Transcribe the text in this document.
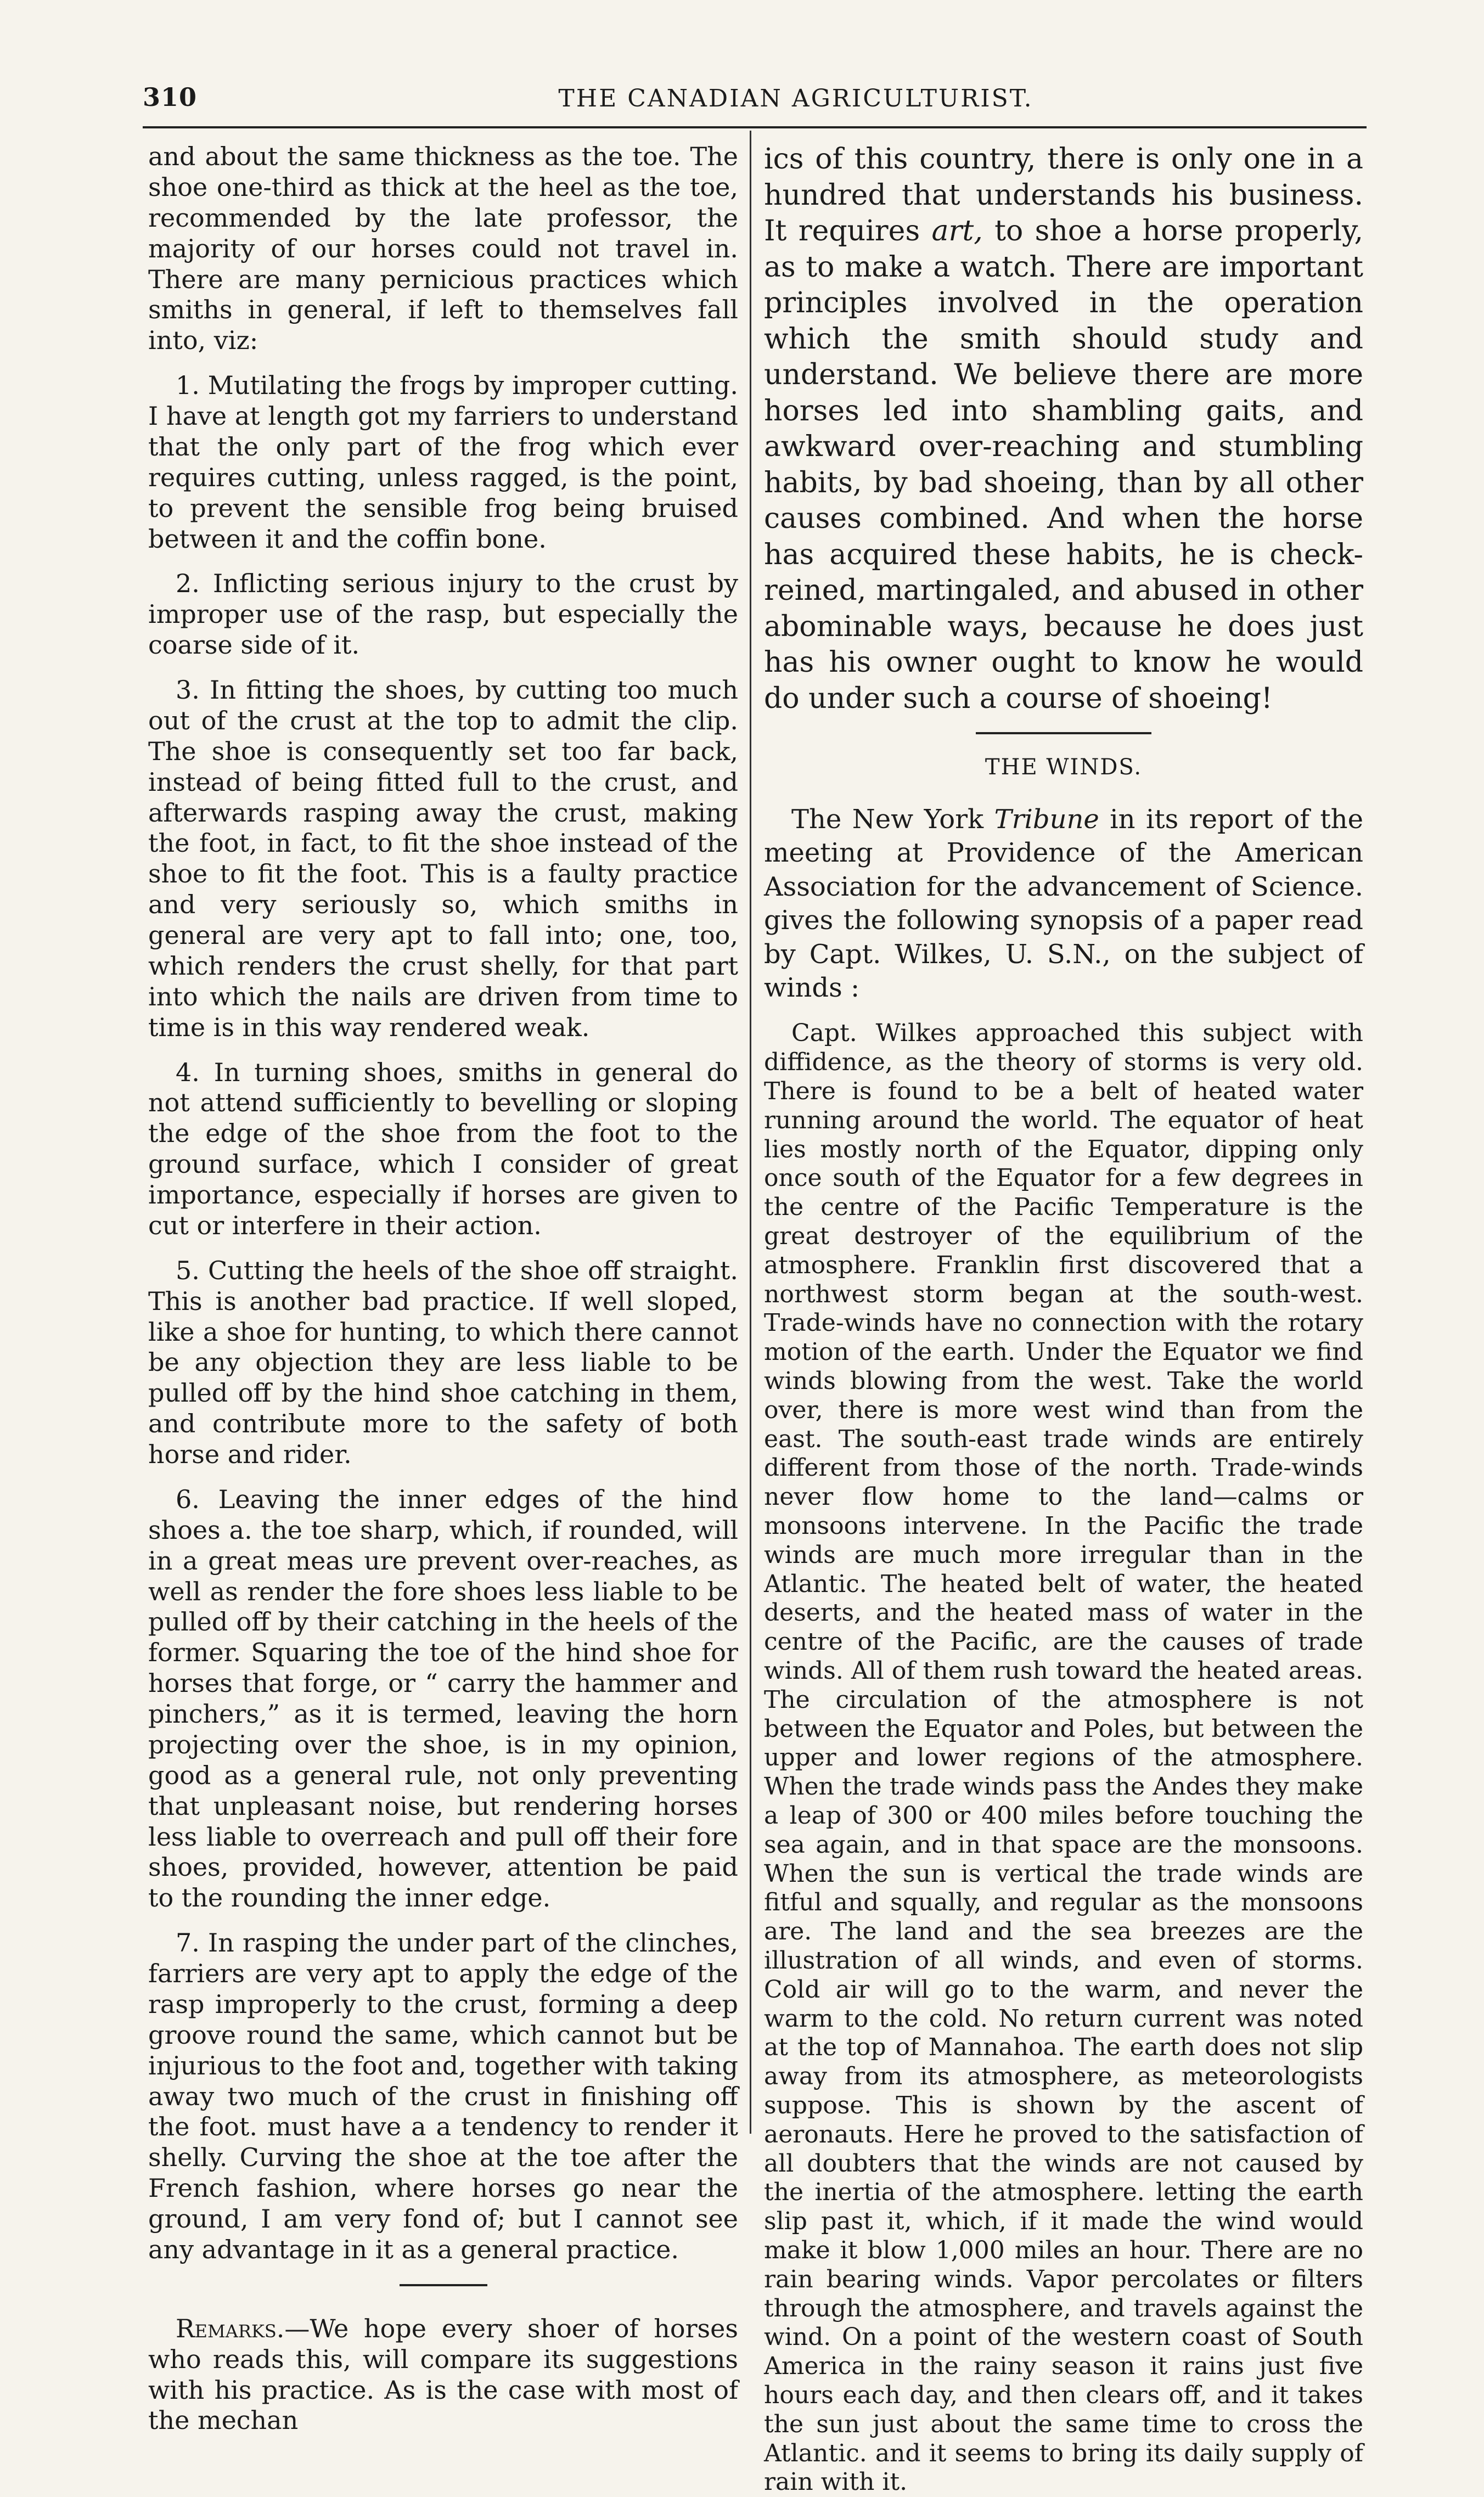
310	THE CANADIAN AGRICULTURIST.

and about the same thickness as the toe. The shoe one-third as thick at the heel as the toe, recommended by the late professor, the majority of our horses could not travel in. There are many pernicious practices which smiths in general, if left to themselves fall into, viz:

1. Mutilating the frogs by improper cutting. I have at length got my farriers to understand that the only part of the frog which ever requires cutting, unless ragged, is the point, to prevent the sensible frog being bruised between it and the coffin bone.

2. Inflicting serious injury to the crust by improper use of the rasp, but especially the coarse side of it.

3. In fitting the shoes, by cutting too much out of the crust at the top to admit the clip. The shoe is consequently set too far back, instead of being fitted full to the crust, and afterwards rasping away the crust, making the foot, in fact, to fit the shoe instead of the shoe to fit the foot. This is a faulty practice and very seriously so, which smiths in general are very apt to fall into; one, too, which renders the crust shelly, for that part into which the nails are driven from time to time is in this way rendered weak.

4. In turning shoes, smiths in general do not attend sufficiently to bevelling or sloping the edge of the shoe from the foot to the ground surface, which I consider of great importance, especially if horses are given to cut or interfere in their action.

5. Cutting the heels of the shoe off straight. This is another bad practice. If well sloped, like a shoe for hunting, to which there cannot be any objection they are less liable to be pulled off by the hind shoe catching in them, and contribute more to the safety of both horse and rider.

6. Leaving the inner edges of the hind shoes a. the toe sharp, which, if rounded, will in a great meas ure prevent over-reaches, as well as render the fore shoes less liable to be pulled off by their catching in the heels of the former. Squaring the toe of the hind shoe for horses that forge, or “ carry the hammer and pinchers,” as it is termed, leaving the horn projecting over the shoe, is in my opinion, good as a general rule, not only preventing that unpleasant noise, but rendering horses less liable to overreach and pull off their fore shoes, provided, however, attention be paid to the rounding the inner edge.

7. In rasping the under part of the clinches, farriers are very apt to apply the edge of the rasp improperly to the crust, forming a deep groove round the same, which cannot but be injurious to the foot and, together with taking away two much of the crust in finishing off the foot. must have a a tendency to render it shelly. Curving the shoe at the toe after the French fashion, where horses go near the ground, I am very fond of; but I cannot see any advantage in it as a general practice.

Remarks.—We hope every shoer of horses who reads this, will compare its suggestions with his practice. As is the case with most of the mechan

ics of this country, there is only one in a hundred that understands his business. It requires art, to shoe a horse properly, as to make a watch. There are important principles involved in the operation which the smith should study and understand. We believe there are more horses led into shambling gaits, and awkward over-reaching and stumbling habits, by bad shoeing, than by all other causes combined. And when the horse has acquired these habits, he is check-reined, martingaled, and abused in other abominable ways, because he does just has his owner ought to know he would do under such a course of shoeing!

THE WINDS.

The New York Tribune in its report of the meeting at Providence of the American Association for the advancement of Science. gives the following synopsis of a paper read by Capt. Wilkes, U. S.N., on the subject of winds :

Capt. Wilkes approached this subject with diffidence, as the theory of storms is very old. There is found to be a belt of heated water running around the world. The equator of heat lies mostly north of the Equator, dipping only once south of the Equator for a few degrees in the centre of the Pacific Temperature is the great destroyer of the equilibrium of the atmosphere. Franklin first discovered that a northwest storm began at the south-west. Trade-winds have no connection with the rotary motion of the earth. Under the Equator we find winds blowing from the west. Take the world over, there is more west wind than from the east. The south-east trade winds are entirely different from those of the north. Trade-winds never flow home to the land—calms or monsoons intervene. In the Pacific the trade winds are much more irregular than in the Atlantic. The heated belt of water, the heated deserts, and the heated mass of water in the centre of the Pacific, are the causes of trade winds. All of them rush toward the heated areas. The circulation of the atmosphere is not between the Equator and Poles, but between the upper and lower regions of the atmosphere. When the trade winds pass the Andes they make a leap of 300 or 400 miles before touching the sea again, and in that space are the monsoons. When the sun is vertical the trade winds are fitful and squally, and regular as the monsoons are. The land and the sea breezes are the illustration of all winds, and even of storms. Cold air will go to the warm, and never the warm to the cold. No return current was noted at the top of Mannahoa. The earth does not slip away from its atmosphere, as meteorologists suppose. This is shown by the ascent of aeronauts. Here he proved to the satisfaction of all doubters that the winds are not caused by the inertia of the atmosphere. letting the earth slip past it, which, if it made the wind would make it blow 1,000 miles an hour. There are no rain bearing winds. Vapor percolates or filters through the atmosphere, and travels against the wind. On a point of the western coast of South America in the rainy season it rains just five hours each day, and then clears off, and it takes the sun just about the same time to cross the Atlantic. and it seems to bring its daily supply of rain with it.
